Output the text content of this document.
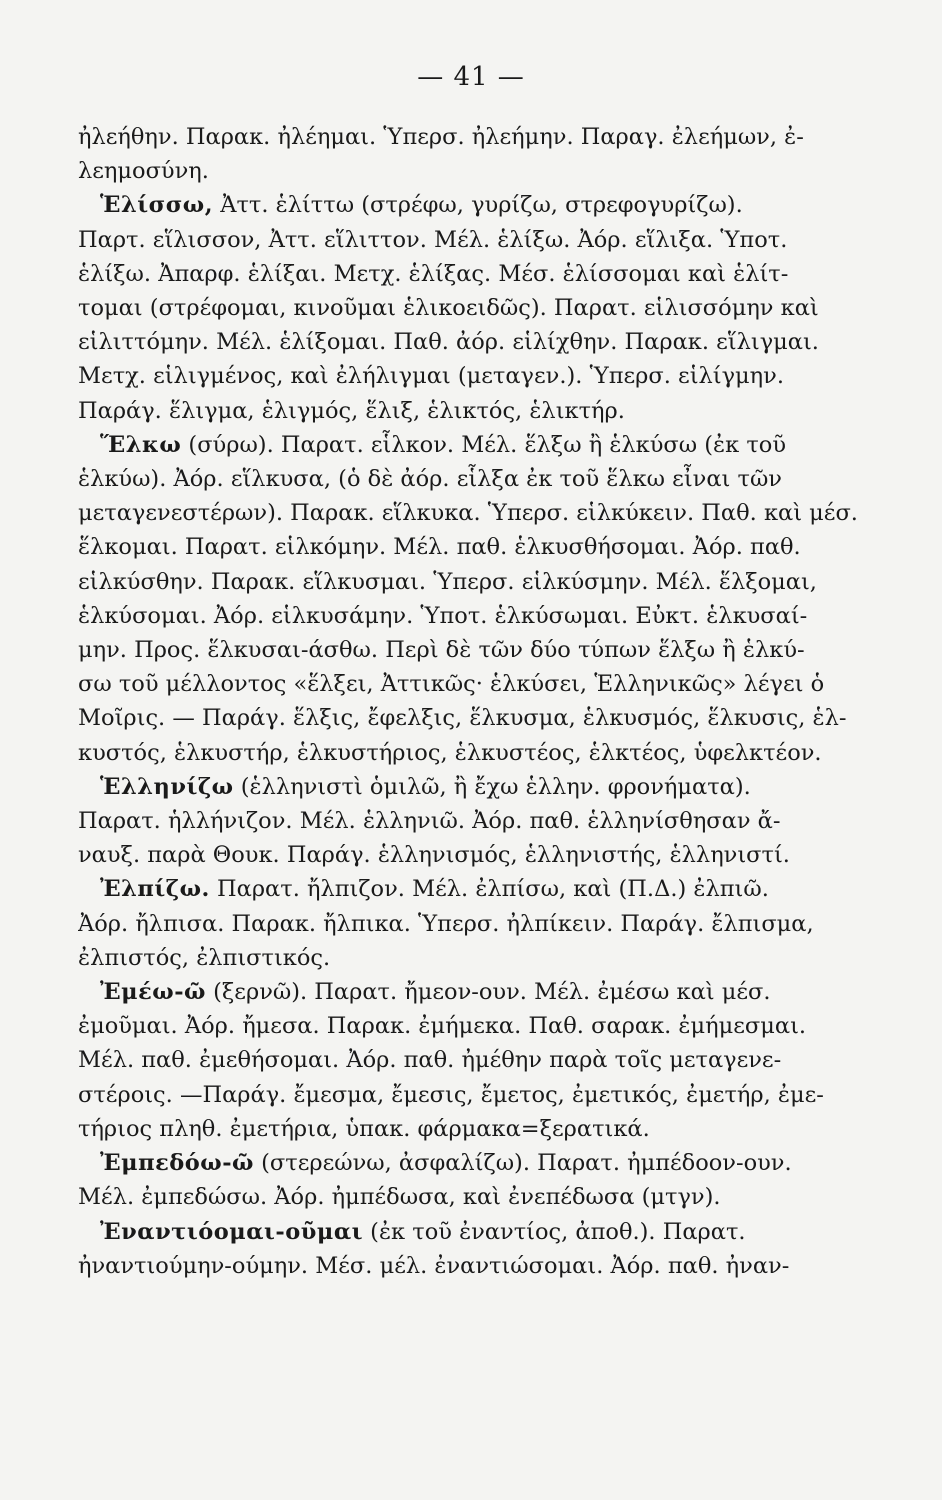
— 41 —
ἠλεήθην. Παρακ. ἠλέημαι. Ὑπερσ. ἠλεήμην. Παραγ. ἐλεήμων, ἐ-
λεημοσύνη.
Ἑλίσσω, Ἀττ. ἑλίττω (στρέφω, γυρίζω, στρεφογυρίζω).
Παρτ. εἵλισσον, Ἀττ. εἵλιττον. Μέλ. ἑλίξω. Ἀόρ. εἵλιξα. Ὑποτ.
ἑλίξω. Ἀπαρφ. ἑλίξαι. Μετχ. ἑλίξας. Μέσ. ἑλίσσομαι καὶ ἑλίτ-
τομαι (στρέφομαι, κινοῦμαι ἑλικοειδῶς). Παρατ. εἱλισσόμην καὶ
εἱλιττόμην. Μέλ. ἑλίξομαι. Παθ. ἀόρ. εἱλίχθην. Παρακ. εἵλιγμαι.
Μετχ. εἱλιγμένος, καὶ ἐλήλιγμαι (μεταγεν.). Ὑπερσ. εἱλίγμην.
Παράγ. ἕλιγμα, ἑλιγμός, ἕλιξ, ἑλικτός, ἑλικτήρ.
Ἕλκω (σύρω). Παρατ. εἷλκον. Μέλ. ἕλξω ἢ ἑλκύσω (ἐκ τοῦ
ἑλκύω). Ἀόρ. εἵλκυσα, (ὁ δὲ ἀόρ. εἷλξα ἐκ τοῦ ἕλκω εἶναι τῶν
μεταγενεστέρων). Παρακ. εἵλκυκα. Ὑπερσ. εἱλκύκειν. Παθ. καὶ μέσ.
ἕλκομαι. Παρατ. εἱλκόμην. Μέλ. παθ. ἑλκυσθήσομαι. Ἀόρ. παθ.
εἱλκύσθην. Παρακ. εἵλκυσμαι. Ὑπερσ. εἱλκύσμην. Μέλ. ἕλξομαι,
ἑλκύσομαι. Ἀόρ. εἱλκυσάμην. Ὑποτ. ἑλκύσωμαι. Εὐκτ. ἑλκυσαί-
μην. Προς. ἕλκυσαι-άσθω. Περὶ δὲ τῶν δύο τύπων ἕλξω ἢ ἑλκύ-
σω τοῦ μέλλοντος «ἕλξει, Ἀττικῶς· ἑλκύσει, Ἑλληνικῶς» λέγει ὁ
Μοῖρις. — Παράγ. ἕλξις, ἔφελξις, ἕλκυσμα, ἑλκυσμός, ἕλκυσις, ἑλ-
κυστός, ἑλκυστήρ, ἑλκυστήριος, ἑλκυστέος, ἑλκτέος, ὑφελκτέον.
Ἑλληνίζω (ἑλληνιστὶ ὁμιλῶ, ἢ ἔχω ἑλλην. φρονήματα).
Παρατ. ἡλλήνιζον. Μέλ. ἑλληνιῶ. Ἀόρ. παθ. ἑλληνίσθησαν ἄ-
ναυξ. παρὰ Θουκ. Παράγ. ἑλληνισμός, ἑλληνιστής, ἑλληνιστί.
Ἐλπίζω. Παρατ. ἤλπιζον. Μέλ. ἐλπίσω, καὶ (Π.Δ.) ἐλπιῶ.
Ἀόρ. ἤλπισα. Παρακ. ἤλπικα. Ὑπερσ. ἠλπίκειν. Παράγ. ἔλπισμα,
ἐλπιστός, ἐλπιστικός.
Ἐμέω-ῶ (ξερνῶ). Παρατ. ἤμεον-ουν. Μέλ. ἐμέσω καὶ μέσ.
ἐμοῦμαι. Ἀόρ. ἤμεσα. Παρακ. ἐμήμεκα. Παθ. σαρακ. ἐμήμεσμαι.
Μέλ. παθ. ἐμεθήσομαι. Ἀόρ. παθ. ἠμέθην παρὰ τοῖς μεταγενε-
στέροις. —Παράγ. ἔμεσμα, ἔμεσις, ἔμετος, ἐμετικός, ἐμετήρ, ἐμε-
τήριος πληθ. ἐμετήρια, ὑπακ. φάρμακα=ξερατικά.
Ἐμπεδόω-ῶ (στερεώνω, ἀσφαλίζω). Παρατ. ἠμπέδοον-ουν.
Μέλ. ἐμπεδώσω. Ἀόρ. ἠμπέδωσα, καὶ ἐνεπέδωσα (μτγν).
Ἐναντιόομαι-οῦμαι (ἐκ τοῦ ἐναντίος, ἀποθ.). Παρατ.
ἠναντιούμην-ούμην. Μέσ. μέλ. ἐναντιώσομαι. Ἀόρ. παθ. ἠναν-
